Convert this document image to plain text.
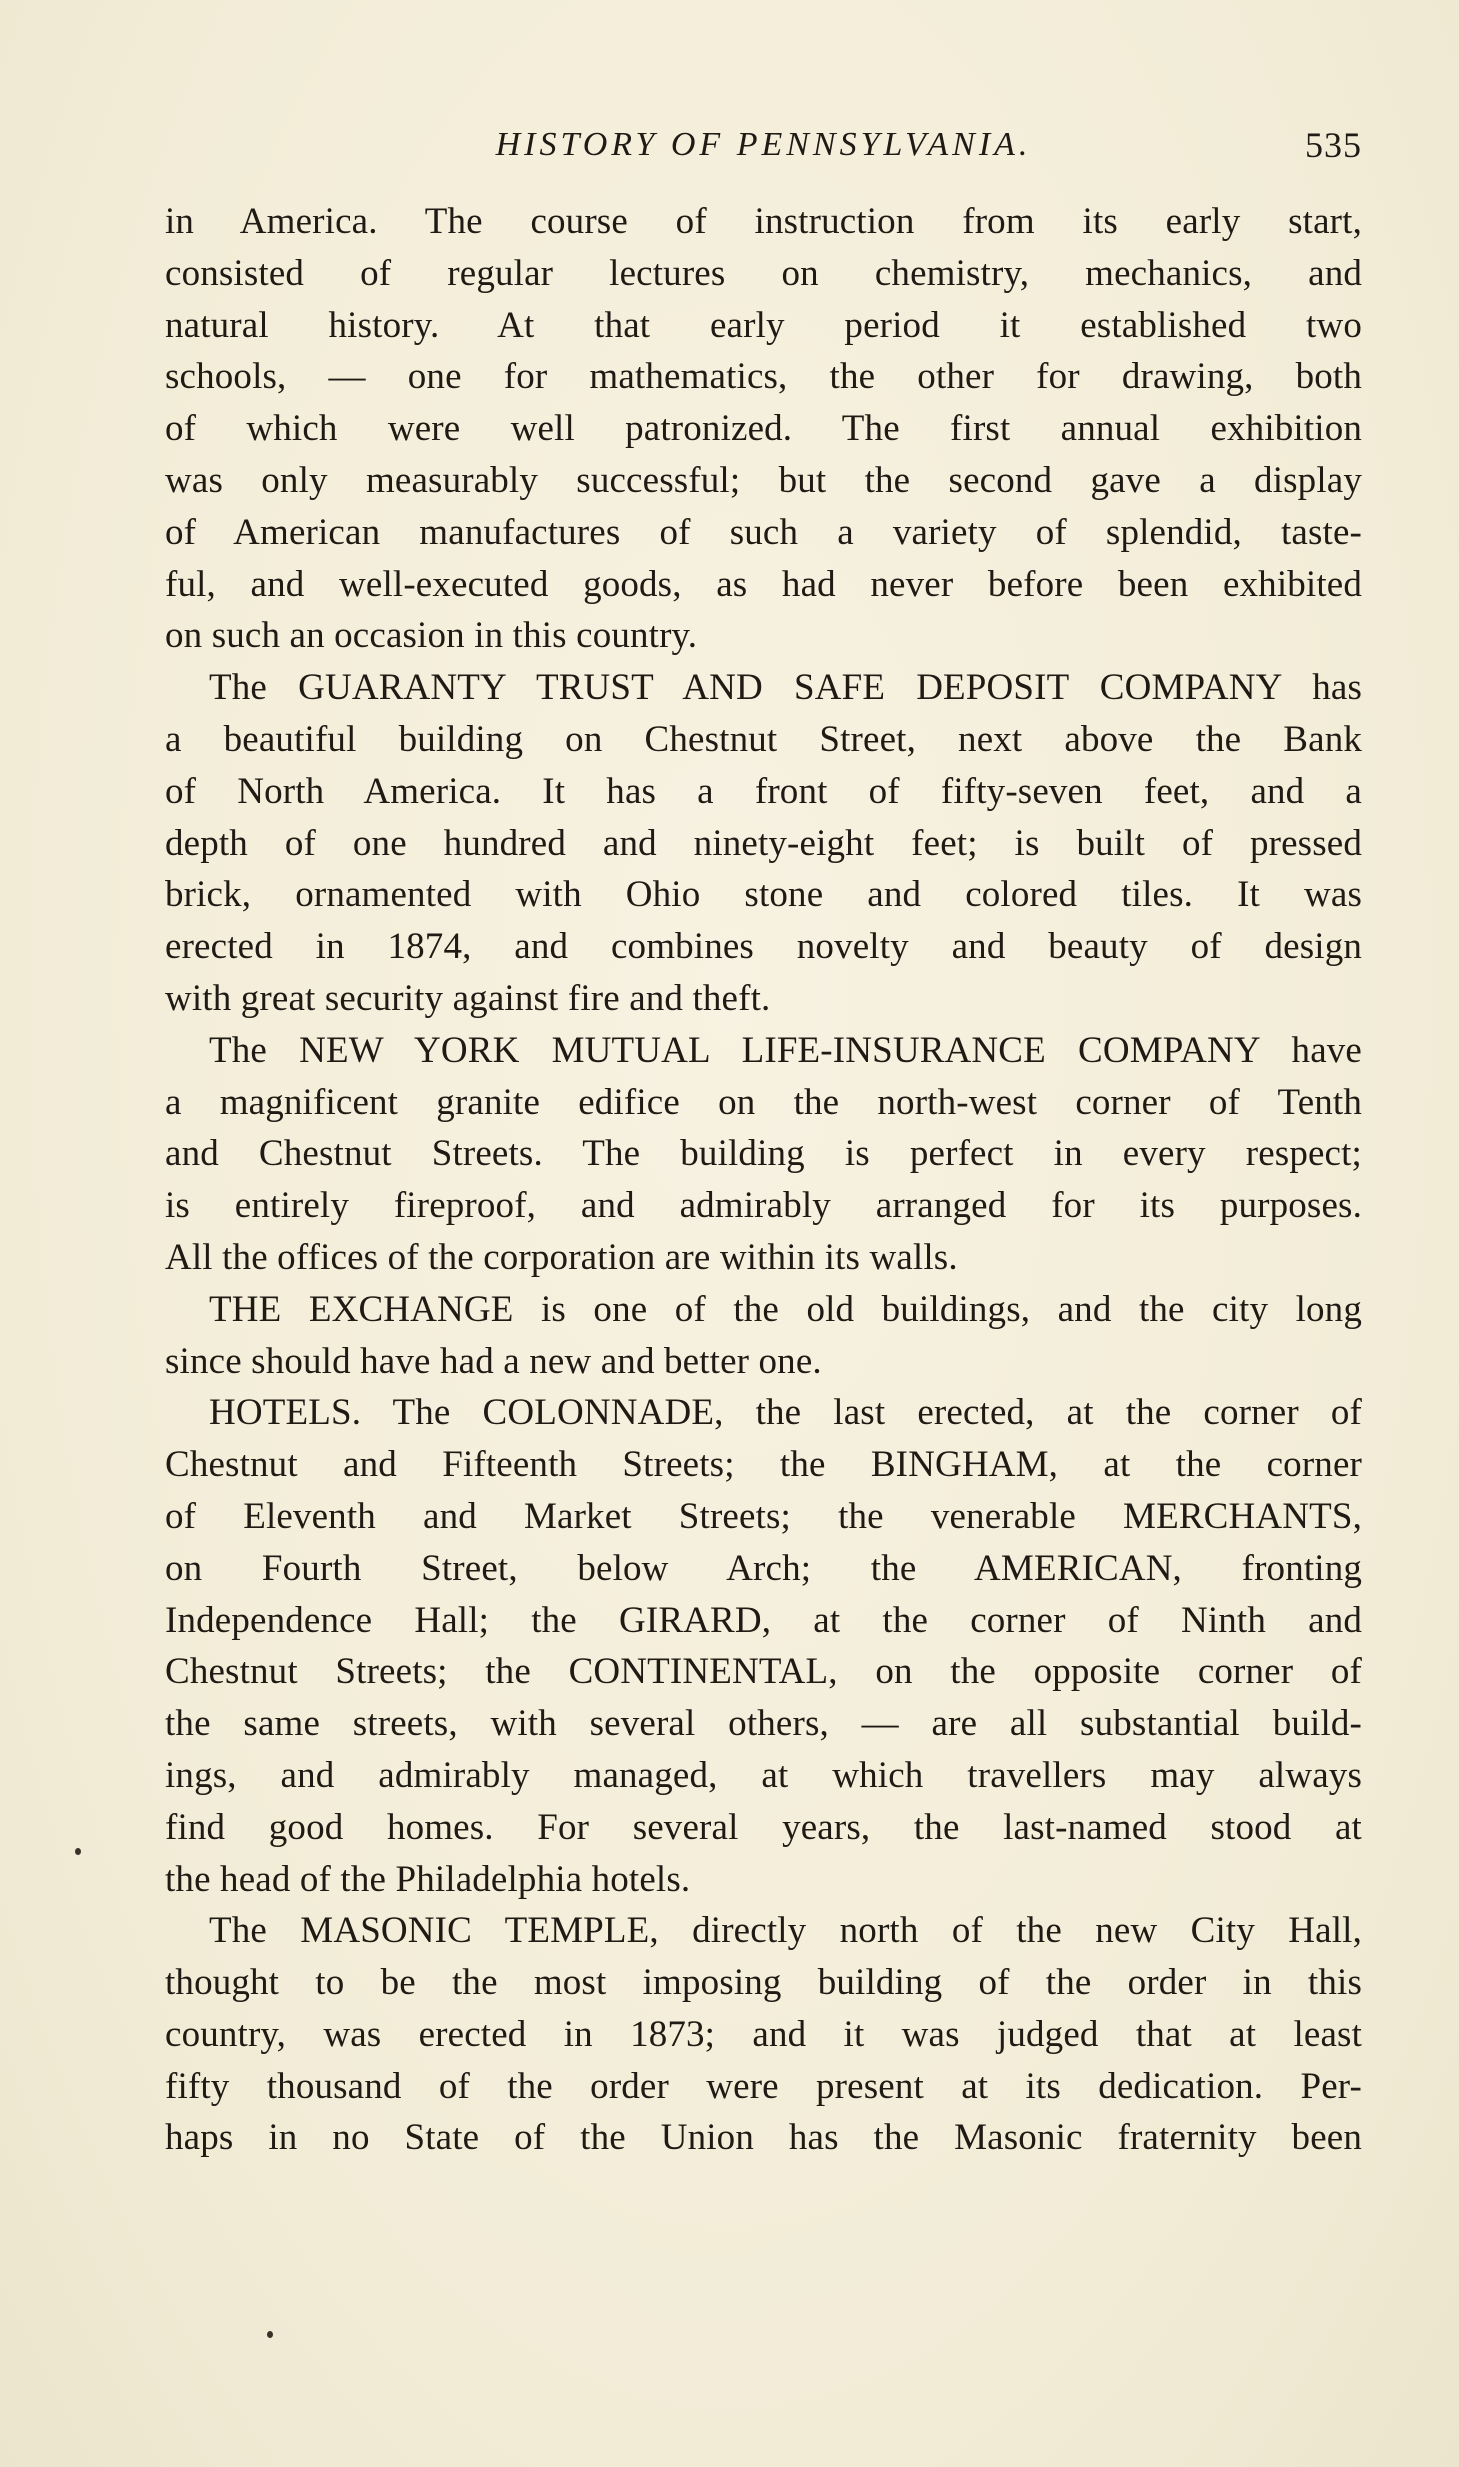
HISTORY OF PENNSYLVANIA.	535
in America. The course of instruction from its early start,
consisted of regular lectures on chemistry, mechanics, and
natural history. At that early period it established two
schools, — one for mathematics, the other for drawing, both
of which were well patronized. The first annual exhibition
was only measurably successful; but the second gave a display
of American manufactures of such a variety of splendid, taste-
ful, and well-executed goods, as had never before been exhibited
on such an occasion in this country.
The GUARANTY TRUST AND SAFE DEPOSIT COMPANY has
a beautiful building on Chestnut Street, next above the Bank
of North America. It has a front of fifty-seven feet, and a
depth of one hundred and ninety-eight feet; is built of pressed
brick, ornamented with Ohio stone and colored tiles. It was
erected in 1874, and combines novelty and beauty of design
with great security against fire and theft.
The NEW YORK MUTUAL LIFE-INSURANCE COMPANY have
a magnificent granite edifice on the north-west corner of Tenth
and Chestnut Streets. The building is perfect in every respect;
is entirely fireproof, and admirably arranged for its purposes.
All the offices of the corporation are within its walls.
THE EXCHANGE is one of the old buildings, and the city long
since should have had a new and better one.
HOTELS. The COLONNADE, the last erected, at the corner of
Chestnut and Fifteenth Streets; the BINGHAM, at the corner
of Eleventh and Market Streets; the venerable MERCHANTS,
on Fourth Street, below Arch; the AMERICAN, fronting
Independence Hall; the GIRARD, at the corner of Ninth and
Chestnut Streets; the CONTINENTAL, on the opposite corner of
the same streets, with several others, — are all substantial build-
ings, and admirably managed, at which travellers may always
find good homes. For several years, the last-named stood at
the head of the Philadelphia hotels.
The MASONIC TEMPLE, directly north of the new City Hall,
thought to be the most imposing building of the order in this
country, was erected in 1873; and it was judged that at least
fifty thousand of the order were present at its dedication. Per-
haps in no State of the Union has the Masonic fraternity been
